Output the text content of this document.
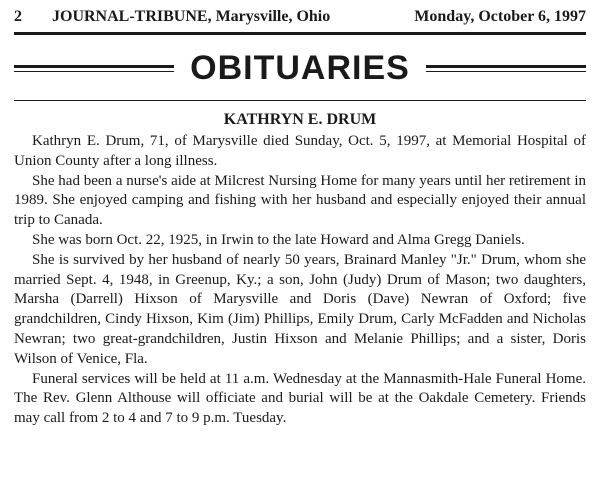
2 JOURNAL-TRIBUNE, Marysville, Ohio	Monday, October 6, 1997
OBITUARIES
KATHRYN E. DRUM

Kathryn E. Drum, 71, of Marysville died Sunday, Oct. 5, 1997, at Memorial Hospital of Union County after a long illness.

She had been a nurse's aide at Milcrest Nursing Home for many years until her retirement in 1989. She enjoyed camping and fishing with her husband and especially enjoyed their annual trip to Canada.

She was born Oct. 22, 1925, in Irwin to the late Howard and Alma Gregg Daniels.

She is survived by her husband of nearly 50 years, Brainard Manley "Jr." Drum, whom she married Sept. 4, 1948, in Greenup, Ky.; a son, John (Judy) Drum of Mason; two daughters, Marsha (Darrell) Hixson of Marysville and Doris (Dave) Newran of Oxford; five grandchildren, Cindy Hixson, Kim (Jim) Phillips, Emily Drum, Carly McFadden and Nicholas Newran; two great-grandchildren, Justin Hixson and Melanie Phillips; and a sister, Doris Wilson of Venice, Fla.

Funeral services will be held at 11 a.m. Wednesday at the Mannasmith-Hale Funeral Home. The Rev. Glenn Althouse will officiate and burial will be at the Oakdale Cemetery. Friends may call from 2 to 4 and 7 to 9 p.m. Tuesday.
